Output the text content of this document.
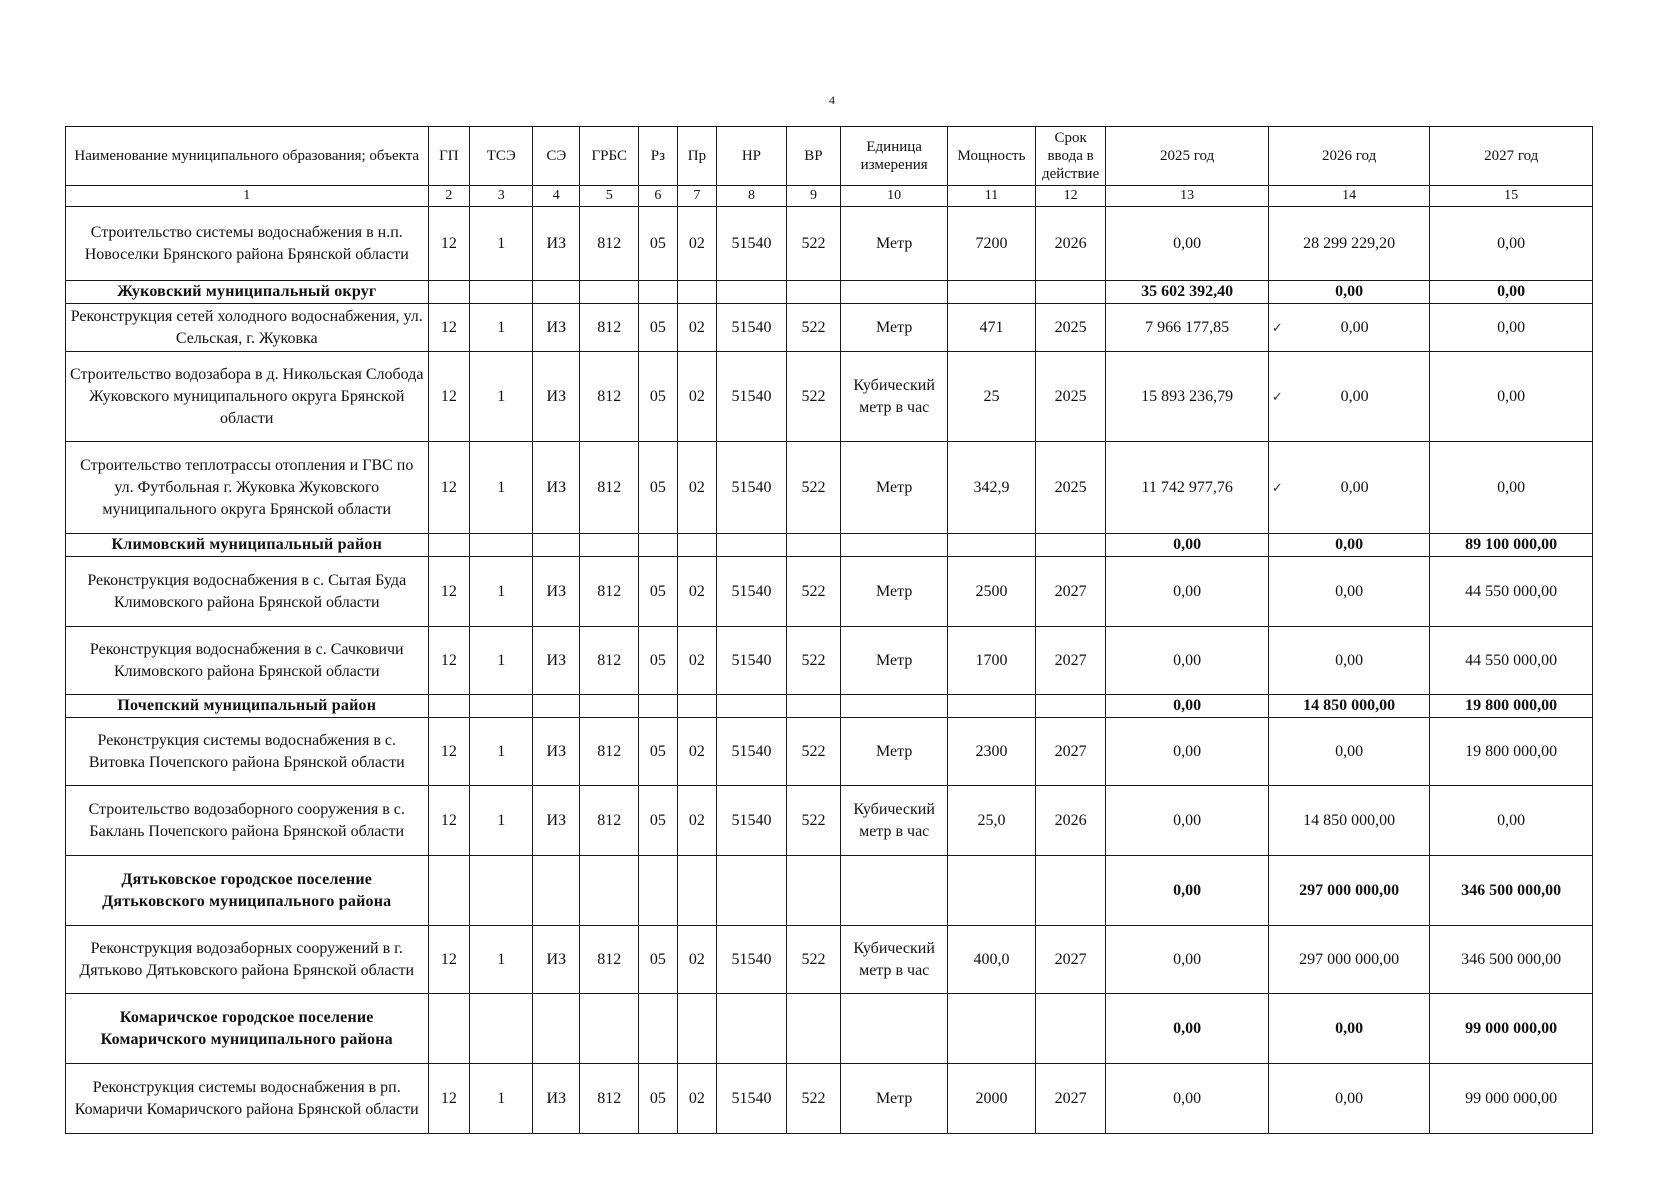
4
Наименование муниципального образования; объекта	ГП	ТСЭ	СЭ	ГРБС	Рз	Пр	НР	ВР	Единица измерения	Мощность	Срок ввода в действие	2025 год	2026 год	2027 год
1	2	3	4	5	6	7	8	9	10	11	12	13	14	15
Строительство системы водоснабжения в н.п. Новоселки Брянского района Брянской области	12	1	ИЗ	812	05	02	51540	522	Метр	7200	2026	0,00	28 299 229,20	0,00
Жуковский муниципальный округ												35 602 392,40	0,00	0,00
Реконструкция сетей холодного водоснабжения, ул. Сельская, г. Жуковка	12	1	ИЗ	812	05	02	51540	522	Метр	471	2025	7 966 177,85	✓ 0,00	0,00
Строительство водозабора в д. Никольская Слобода Жуковского муниципального округа Брянской области	12	1	ИЗ	812	05	02	51540	522	Кубический метр в час	25	2025	15 893 236,79	✓ 0,00	0,00
Строительство теплотрассы отопления и ГВС по ул. Футбольная г. Жуковка Жуковского муниципального округа Брянской области	12	1	ИЗ	812	05	02	51540	522	Метр	342,9	2025	11 742 977,76	✓ 0,00	0,00
Климовский муниципальный район												0,00	0,00	89 100 000,00
Реконструкция водоснабжения в с. Сытая Буда Климовского района Брянской области	12	1	ИЗ	812	05	02	51540	522	Метр	2500	2027	0,00	0,00	44 550 000,00
Реконструкция водоснабжения в с. Сачковичи Климовского района Брянской области	12	1	ИЗ	812	05	02	51540	522	Метр	1700	2027	0,00	0,00	44 550 000,00
Почепский муниципальный район												0,00	14 850 000,00	19 800 000,00
Реконструкция системы водоснабжения в с. Витовка Почепского района Брянской области	12	1	ИЗ	812	05	02	51540	522	Метр	2300	2027	0,00	0,00	19 800 000,00
Строительство водозаборного сооружения в с. Баклань Почепского района Брянской области	12	1	ИЗ	812	05	02	51540	522	Кубический метр в час	25,0	2026	0,00	14 850 000,00	0,00
Дятьковское городское поселение Дятьковского муниципального района												0,00	297 000 000,00	346 500 000,00
Реконструкция водозаборных сооружений в г. Дятьково Дятьковского района Брянской области	12	1	ИЗ	812	05	02	51540	522	Кубический метр в час	400,0	2027	0,00	297 000 000,00	346 500 000,00
Комаричское городское поселение Комаричского муниципального района												0,00	0,00	99 000 000,00
Реконструкция системы водоснабжения в рп. Комаричи Комаричского района Брянской области	12	1	ИЗ	812	05	02	51540	522	Метр	2000	2027	0,00	0,00	99 000 000,00
